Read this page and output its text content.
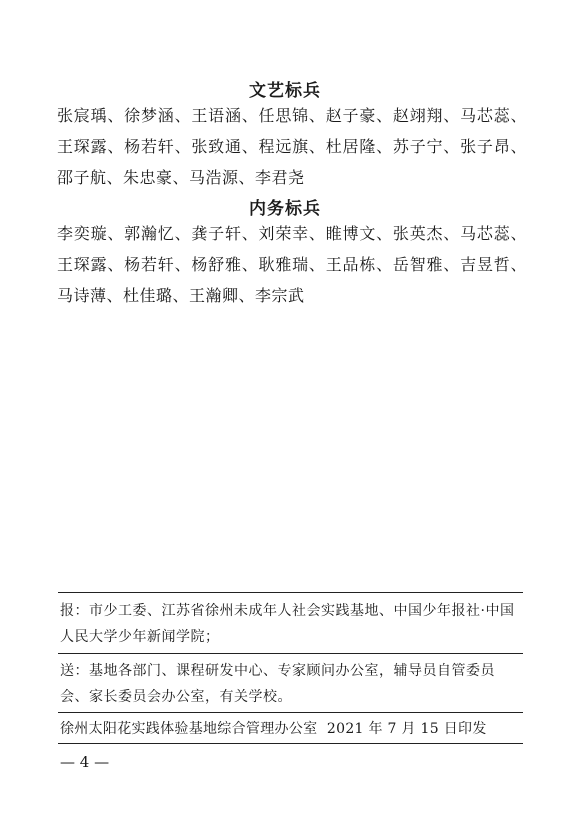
文艺标兵
张宸瑀、徐梦涵、王语涵、任思锦、赵子豪、赵翊翔、马芯蕊、王琛露、杨若轩、张致通、程远旗、杜居隆、苏子宁、张子昂、邵子航、朱忠豪、马浩源、李君尧
内务标兵
李奕璇、郭瀚忆、龚子轩、刘荣幸、睢博文、张英杰、马芯蕊、王琛露、杨若轩、杨舒雅、耿雅瑞、王品栋、岳智雅、吉昱哲、马诗薄、杜佳璐、王瀚卿、李宗武
报：市少工委、江苏省徐州未成年人社会实践基地、中国少年报社·中国人民大学少年新闻学院；
送：基地各部门、课程研发中心、专家顾问办公室，辅导员自管委员会、家长委员会办公室，有关学校。
徐州太阳花实践体验基地综合管理办公室 2021 年 7 月 15 日印发
— 4 —
